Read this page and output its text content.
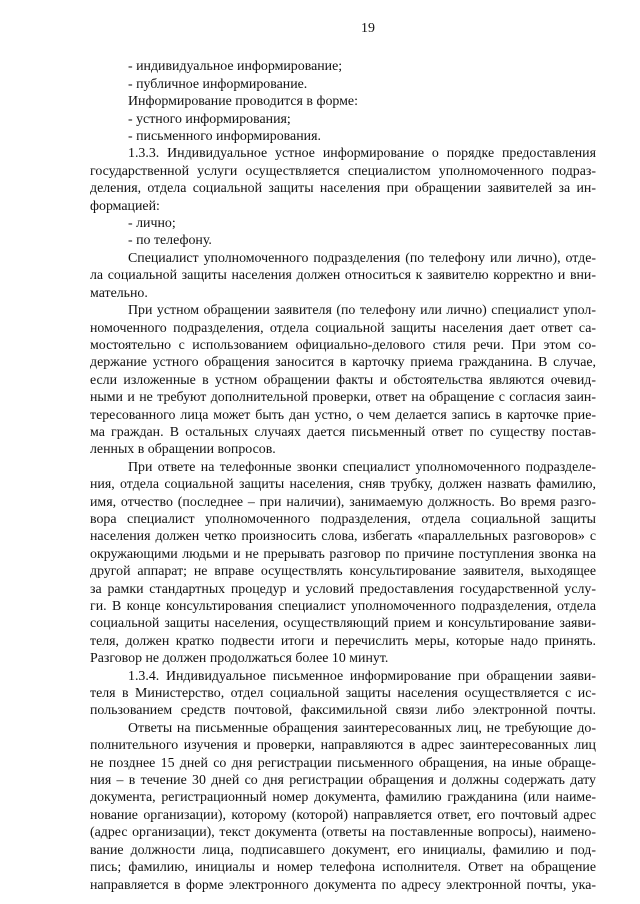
19
- индивидуальное информирование;
- публичное информирование.
Информирование проводится в форме:
- устного информирования;
- письменного информирования.
1.3.3. Индивидуальное устное информирование о порядке предоставления
государственной услуги осуществляется специалистом уполномоченного подраз-
деления, отдела социальной защиты населения при обращении заявителей за ин-
формацией:
- лично;
- по телефону.
Специалист уполномоченного подразделения (по телефону или лично), отде-
ла социальной защиты населения должен относиться к заявителю корректно и вни-
мательно.
При устном обращении заявителя (по телефону или лично) специалист упол-
номоченного подразделения, отдела социальной защиты населения дает ответ са-
мостоятельно с использованием официально-делового стиля речи. При этом со-
держание устного обращения заносится в карточку приема гражданина. В случае,
если изложенные в устном обращении факты и обстоятельства являются очевид-
ными и не требуют дополнительной проверки, ответ на обращение с согласия заин-
тересованного лица может быть дан устно, о чем делается запись в карточке прие-
ма граждан. В остальных случаях дается письменный ответ по существу постав-
ленных в обращении вопросов.
При ответе на телефонные звонки специалист уполномоченного подразделе-
ния, отдела социальной защиты населения, сняв трубку, должен назвать фамилию,
имя, отчество (последнее – при наличии), занимаемую должность. Во время разго-
вора специалист уполномоченного подразделения, отдела социальной защиты
населения должен четко произносить слова, избегать «параллельных разговоров» с
окружающими людьми и не прерывать разговор по причине поступления звонка на
другой аппарат; не вправе осуществлять консультирование заявителя, выходящее
за рамки стандартных процедур и условий предоставления государственной услу-
ги. В конце консультирования специалист уполномоченного подразделения, отдела
социальной защиты населения, осуществляющий прием и консультирование заяви-
теля, должен кратко подвести итоги и перечислить меры, которые надо принять.
Разговор не должен продолжаться более 10 минут.
1.3.4. Индивидуальное письменное информирование при обращении заяви-
теля в Министерство, отдел социальной защиты населения осуществляется с ис-
пользованием средств почтовой, факсимильной связи либо электронной почты.
Ответы на письменные обращения заинтересованных лиц, не требующие до-
полнительного изучения и проверки, направляются в адрес заинтересованных лиц
не позднее 15 дней со дня регистрации письменного обращения, на иные обраще-
ния – в течение 30 дней со дня регистрации обращения и должны содержать дату
документа, регистрационный номер документа, фамилию гражданина (или наиме-
нование организации), которому (которой) направляется ответ, его почтовый адрес
(адрес организации), текст документа (ответы на поставленные вопросы), наимено-
вание должности лица, подписавшего документ, его инициалы, фамилию и под-
пись; фамилию, инициалы и номер телефона исполнителя. Ответ на обращение
направляется в форме электронного документа по адресу электронной почты, ука-
